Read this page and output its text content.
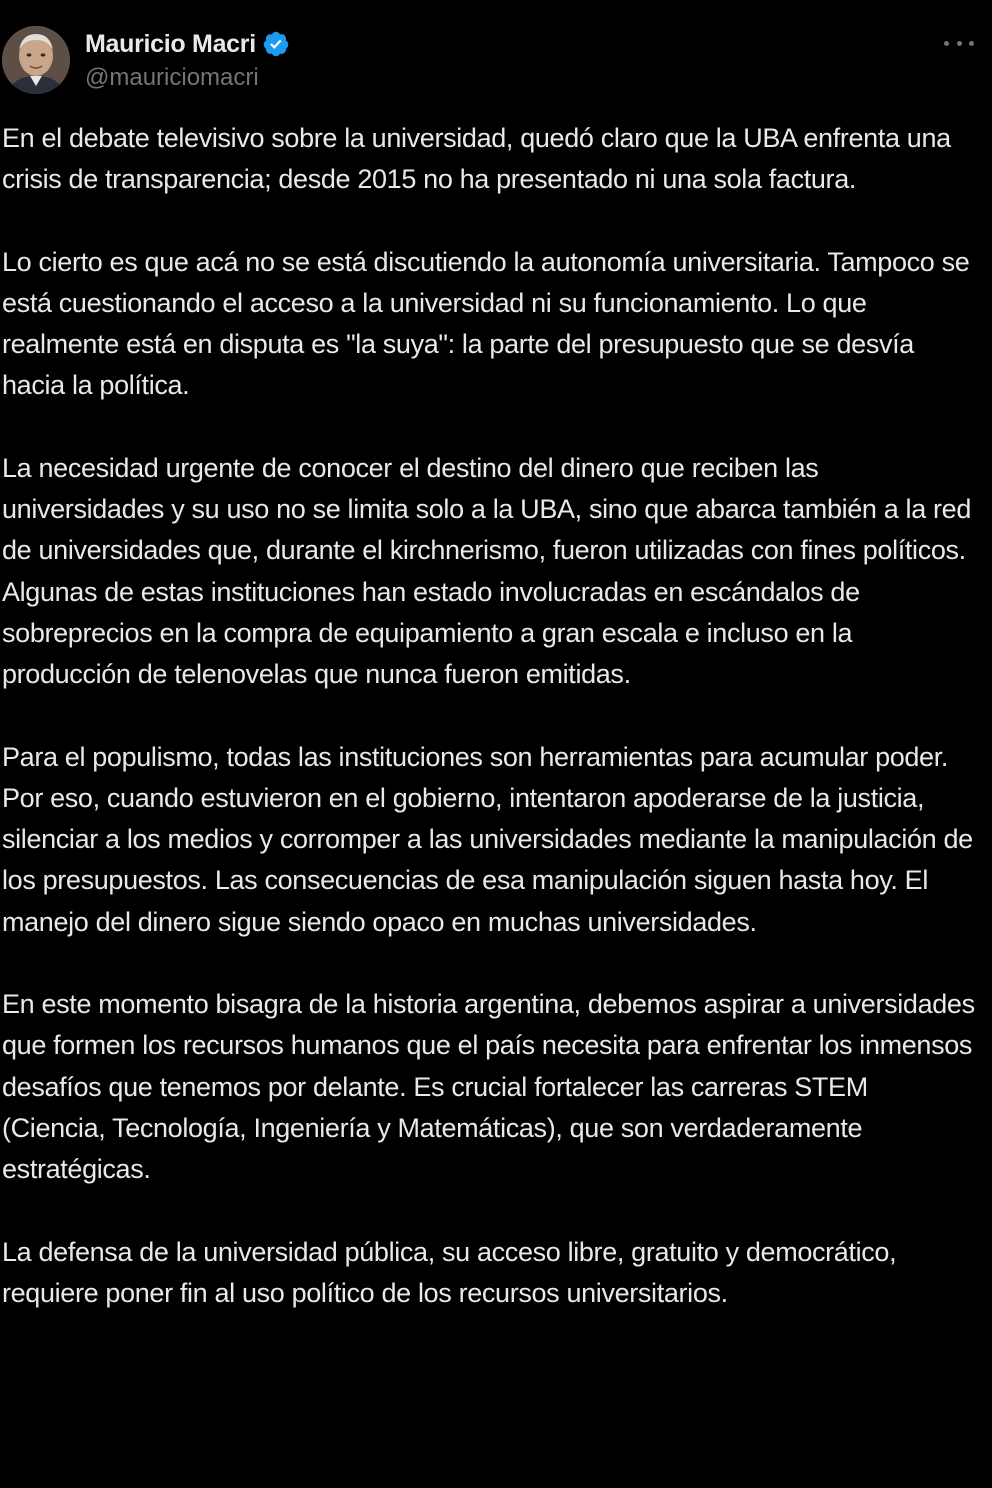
Mauricio Macri
@mauriciomacri

En el debate televisivo sobre la universidad, quedó claro que la UBA enfrenta una crisis de transparencia; desde 2015 no ha presentado ni una sola factura.

Lo cierto es que acá no se está discutiendo la autonomía universitaria. Tampoco se está cuestionando el acceso a la universidad ni su funcionamiento. Lo que realmente está en disputa es "la suya": la parte del presupuesto que se desvía hacia la política.

La necesidad urgente de conocer el destino del dinero que reciben las universidades y su uso no se limita solo a la UBA, sino que abarca también a la red de universidades que, durante el kirchnerismo, fueron utilizadas con fines políticos. Algunas de estas instituciones han estado involucradas en escándalos de sobreprecios en la compra de equipamiento a gran escala e incluso en la producción de telenovelas que nunca fueron emitidas.

Para el populismo, todas las instituciones son herramientas para acumular poder. Por eso, cuando estuvieron en el gobierno, intentaron apoderarse de la justicia, silenciar a los medios y corromper a las universidades mediante la manipulación de los presupuestos. Las consecuencias de esa manipulación siguen hasta hoy. El manejo del dinero sigue siendo opaco en muchas universidades.

En este momento bisagra de la historia argentina, debemos aspirar a universidades que formen los recursos humanos que el país necesita para enfrentar los inmensos desafíos que tenemos por delante. Es crucial fortalecer las carreras STEM (Ciencia, Tecnología, Ingeniería y Matemáticas), que son verdaderamente estratégicas.

La defensa de la universidad pública, su acceso libre, gratuito y democrático, requiere poner fin al uso político de los recursos universitarios.
